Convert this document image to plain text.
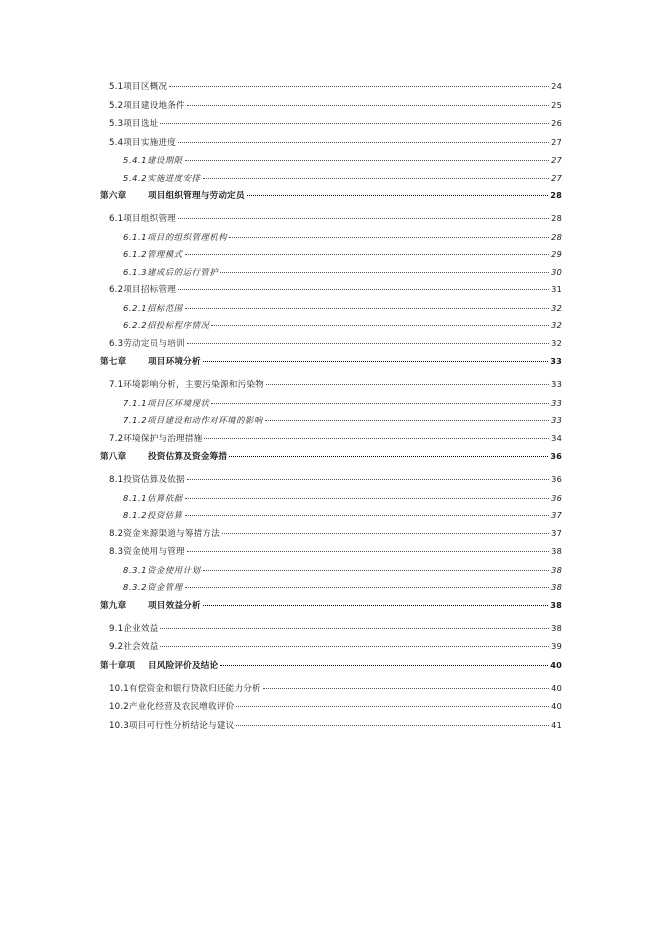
5.1项目区概况	24
5.2项目建设地条件	25
5.3项目选址	26
5.4项目实施进度	27
5.4.1建设期限	27
5.4.2实施进度安排	27
第六章	项目组织管理与劳动定员	28
6.1项目组织管理	28
6.1.1项目的组织管理机构	28
6.1.2管理模式	29
6.1.3建成后的运行管护	30
6.2项目招标管理	31
6.2.1招标范围	32
6.2.2招投标程序情况	32
6.3劳动定员与培训	32
第七章	项目环境分析	33
7.1环境影响分析，主要污染源和污染物	33
7.1.1项目区环境现状	33
7.1.2项目建设和动作对环境的影响	33
7.2环境保护与治理措施	34
第八章	投资估算及资金筹措	36
8.1投资估算及依据	36
8.1.1估算依据	36
8.1.2投资估算	37
8.2资金来源渠道与筹措方法	37
8.3资金使用与管理	38
8.3.1资金使用计划	38
8.3.2资金管理	38
第九章	项目效益分析	38
9.1企业效益	38
9.2社会效益	39
第十章项 目风险评价及结论	40
10.1有偿资金和银行贷款归还能力分析	40
10.2产业化经营及农民增收评价	40
10.3项目可行性分析结论与建议	41
